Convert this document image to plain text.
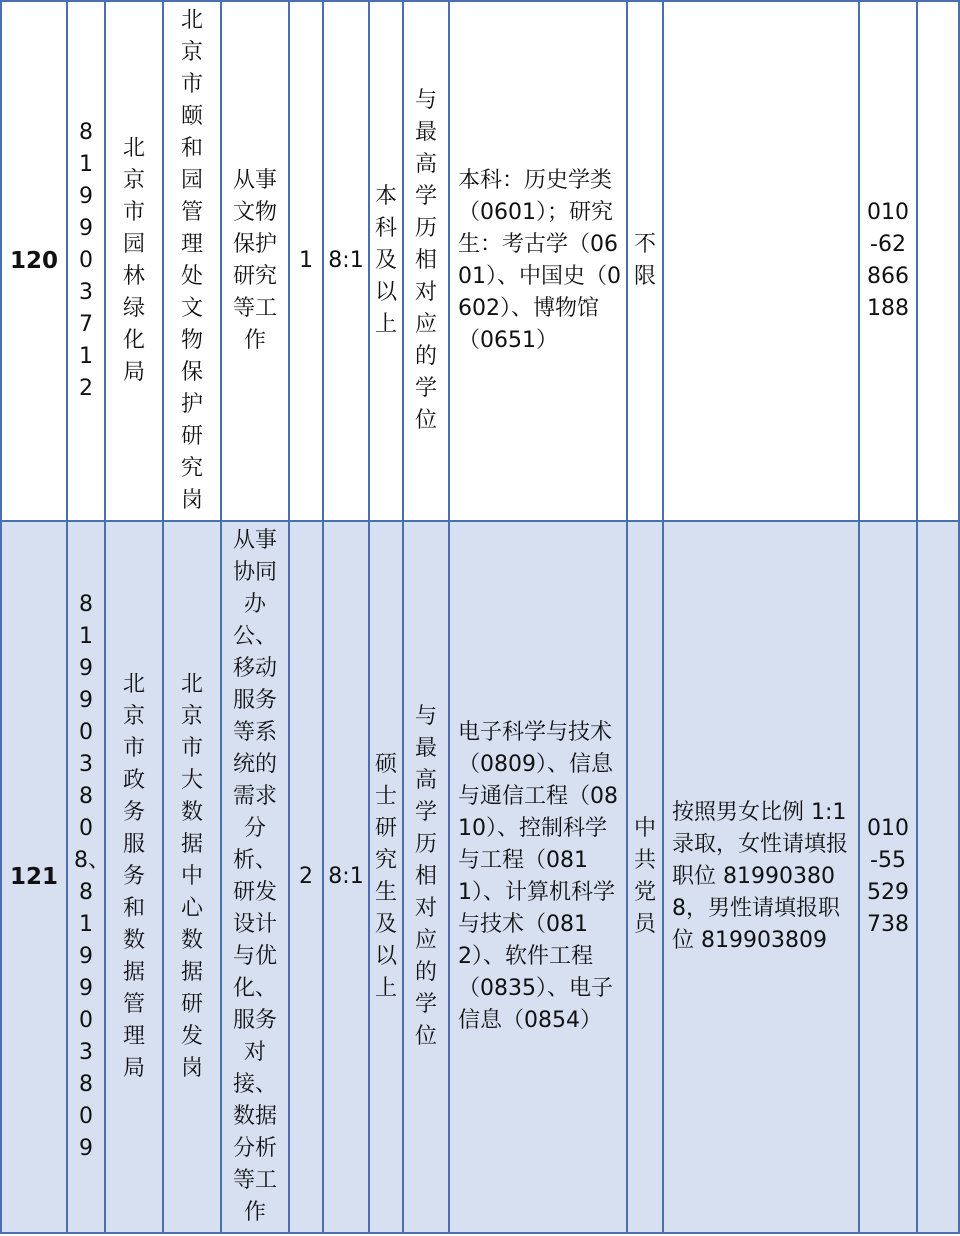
120	819903712	北京市园林绿化局	北京市颐和园管理处文物保护研究岗	从事文物保护研究等工作	1	8:1	本科及以上	与最高学历相对应的学位	本科：历史学类（0601）；研究生：考古学（0601）、中国史（0602）、博物馆（0651）	不限		010-62866188	
121	819903808、819903809	北京市政务服务和数据管理局	北京市大数据中心数据研发岗	从事协同办公、移动服务等系统的需求分析、研发设计与优化、服务对接、数据分析等工作	2	8:1	硕士研究生及以上	与最高学历相对应的学位	电子科学与技术（0809）、信息与通信工程（0810）、控制科学与工程（0811）、计算机科学与技术（0812）、软件工程（0835）、电子信息（0854）	中共党员	按照男女比例 1:1 录取，女性请填报职位 819903808，男性请填报职位 819903809	010-55529738	
